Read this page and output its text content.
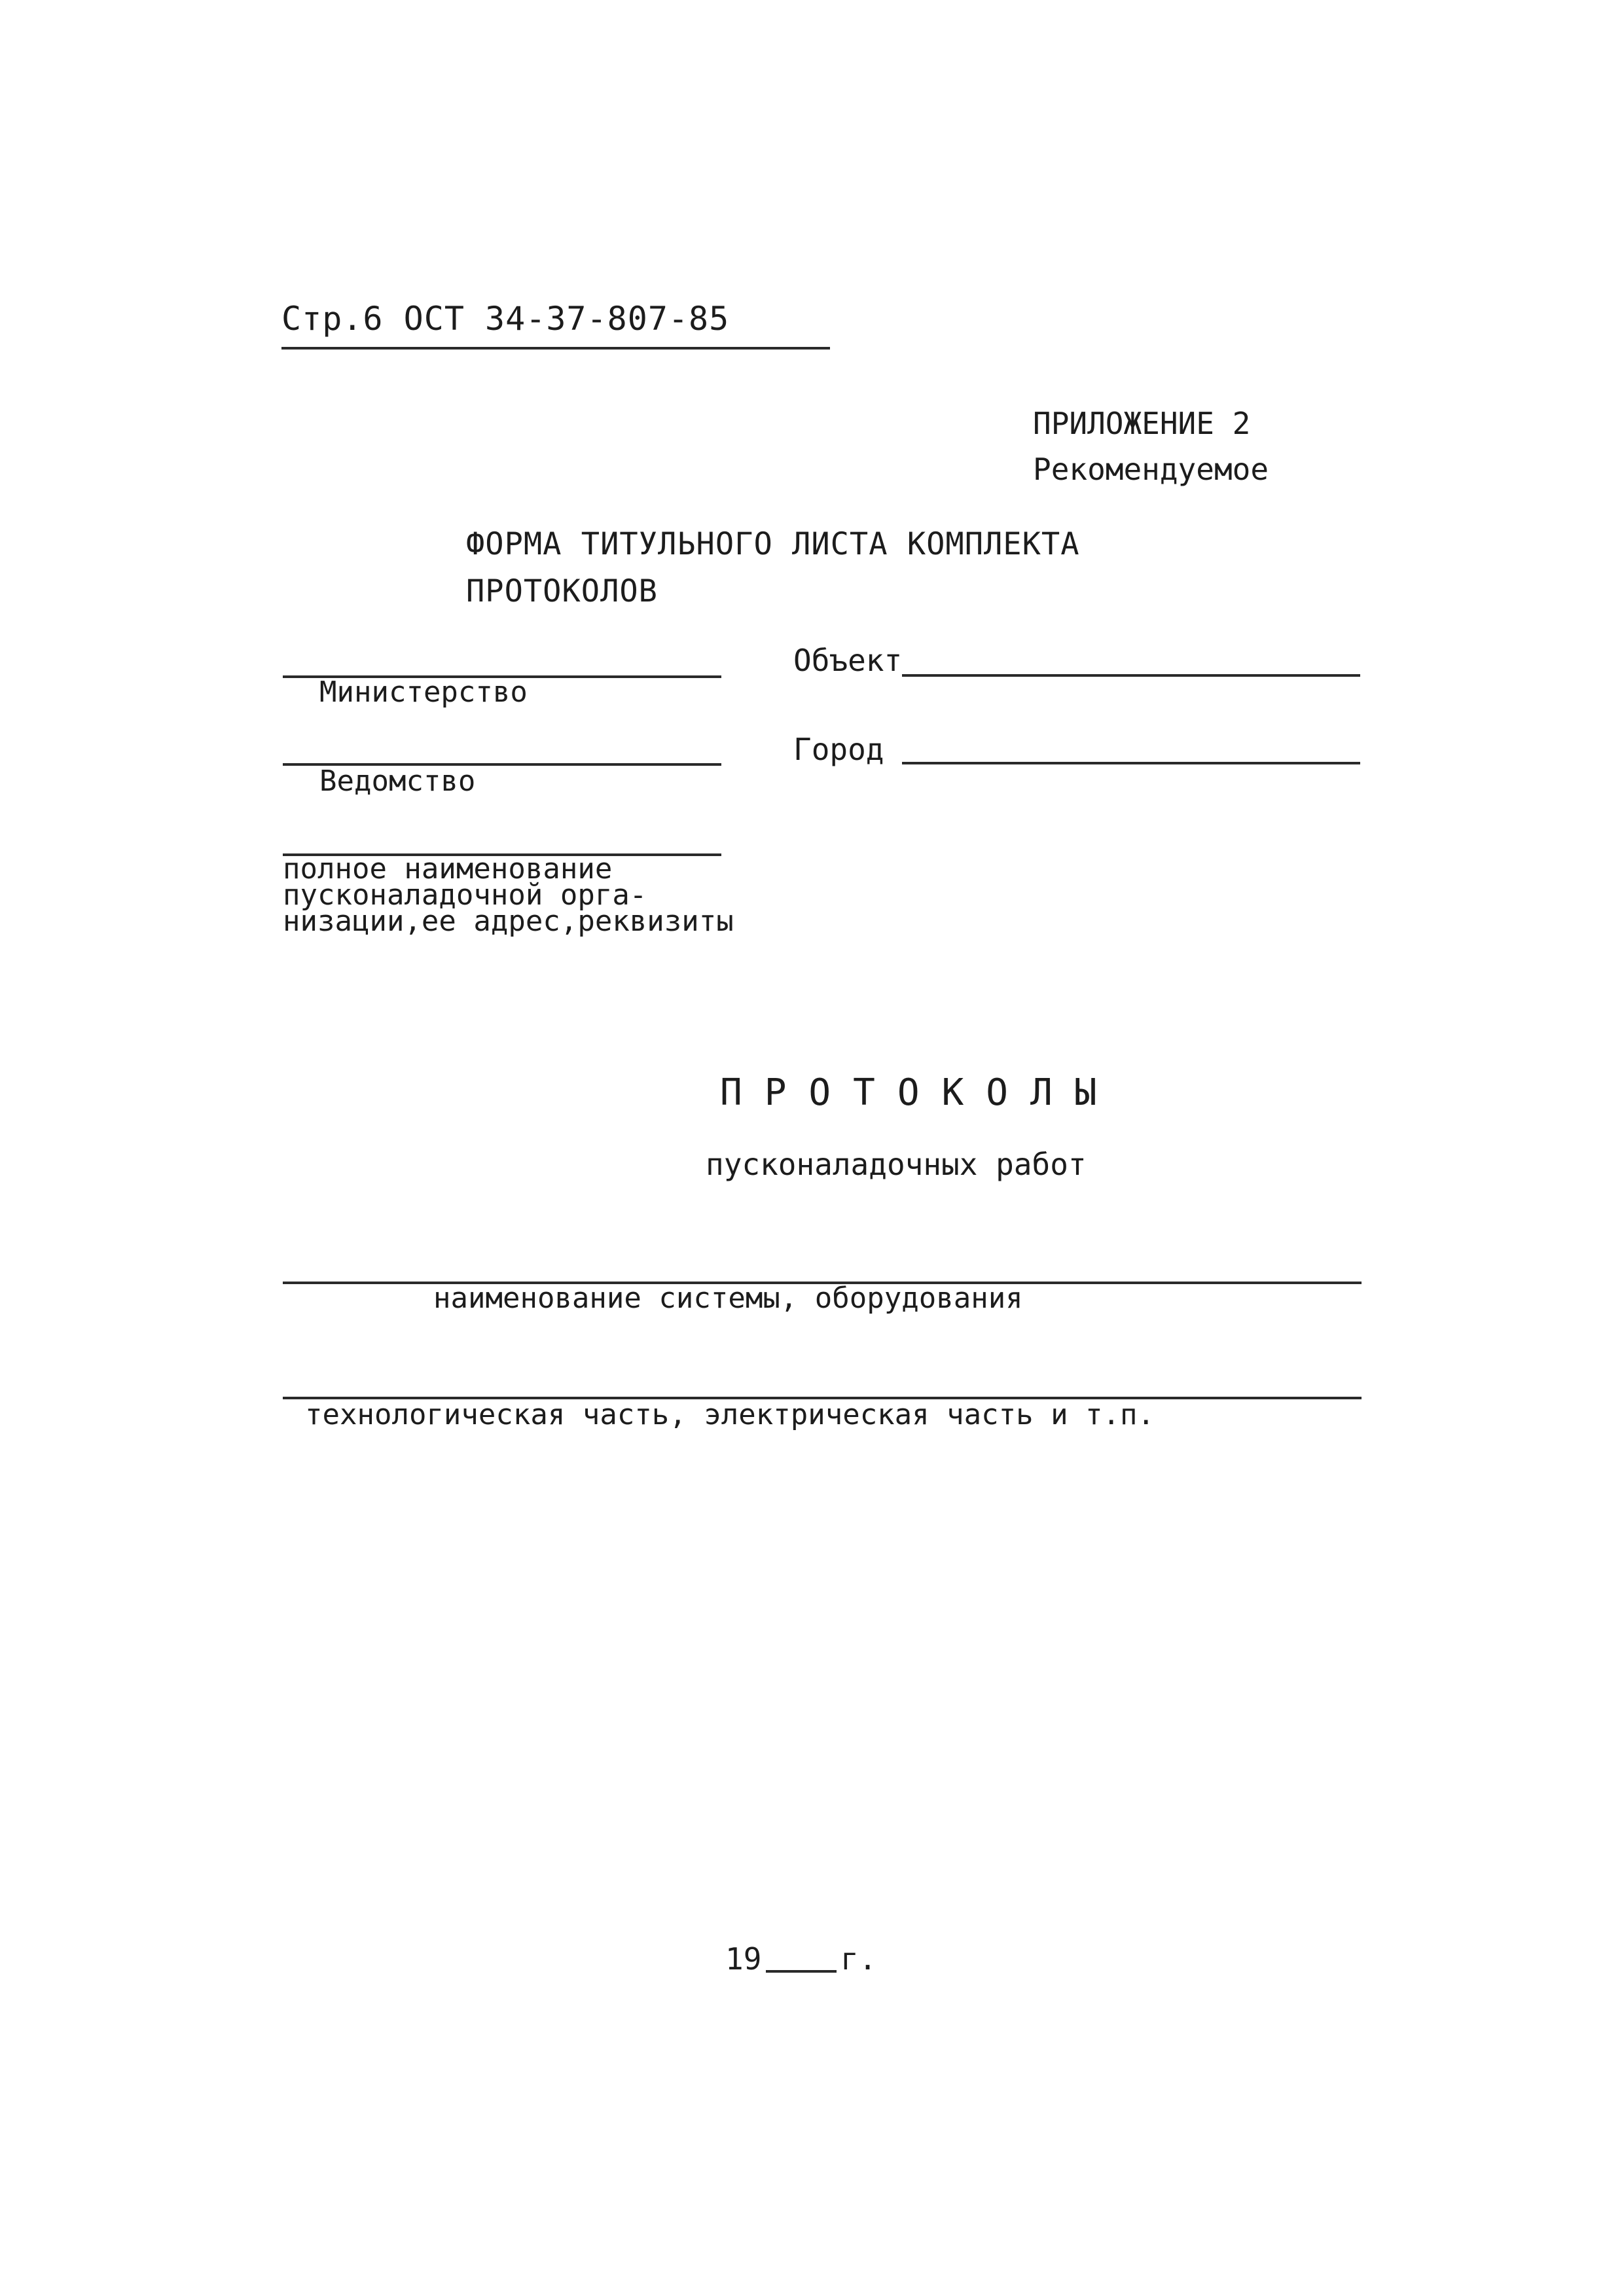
Стр.6 ОСТ 34-37-807-85
ПРИЛОЖЕНИЕ 2
Рекомендуемое
ФОРМА ТИТУЛЬНОГО ЛИСТА КОМПЛЕКТА
ПРОТОКОЛОВ
Министерство
Ведомство
полное наименование
пусконаладочной орга-
низации,ее адрес,реквизиты
Объект
Город
ПРОТОКОЛЫ
пусконаладочных работ
наименование системы, оборудования
технологическая часть, электрическая часть и т.п.
19	г.
